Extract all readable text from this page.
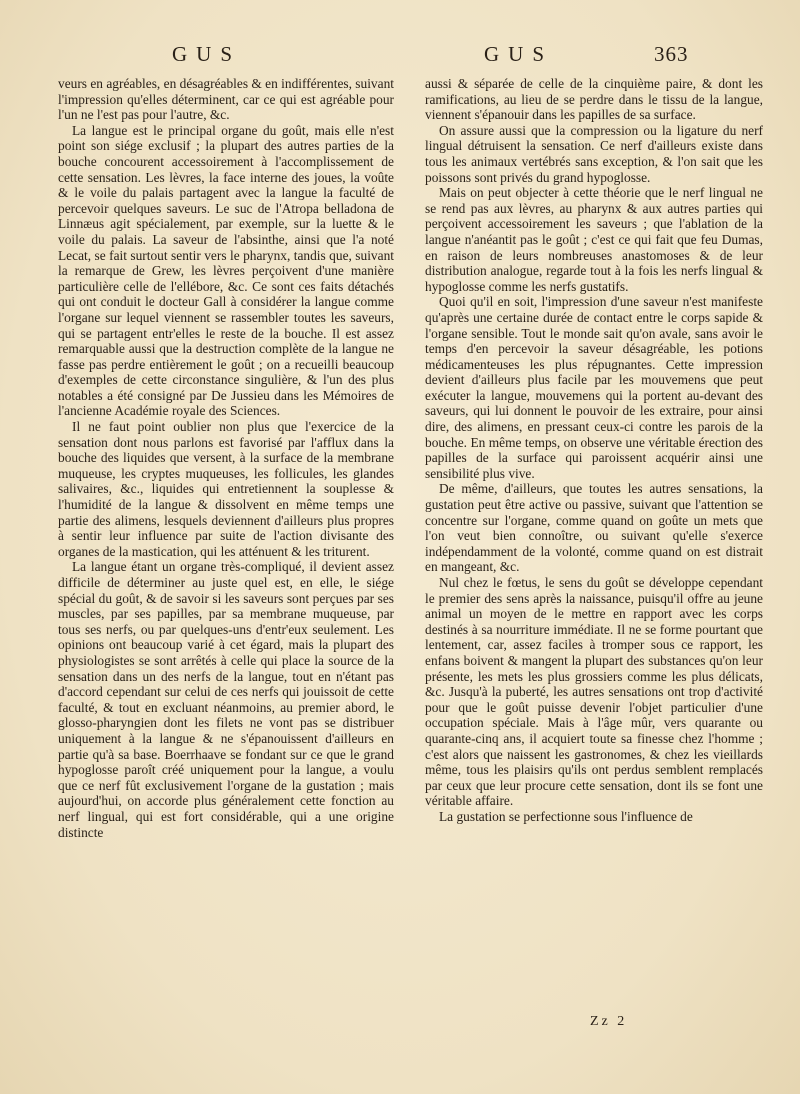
GUS	GUS	363

veurs en agréables, en désagréables & en indifférentes, suivant l'impression qu'elles déterminent, car ce qui est agréable pour l'un ne l'est pas pour l'autre, &c.

La langue est le principal organe du goût, mais elle n'est point son siége exclusif ; la plupart des autres parties de la bouche concourent accessoirement à l'accomplissement de cette sensation. Les lèvres, la face interne des joues, la voûte & le voile du palais partagent avec la langue la faculté de percevoir quelques saveurs. Le suc de l'Atropa belladona de Linnæus agit spécialement, par exemple, sur la luette & le voile du palais. La saveur de l'absinthe, ainsi que l'a noté Lecat, se fait surtout sentir vers le pharynx, tandis que, suivant la remarque de Grew, les lèvres perçoivent d'une manière particulière celle de l'ellébore, &c. Ce sont ces faits détachés qui ont conduit le docteur Gall à considérer la langue comme l'organe sur lequel viennent se rassembler toutes les saveurs, qui se partagent entr'elles le reste de la bouche. Il est assez remarquable aussi que la destruction complète de la langue ne fasse pas perdre entièrement le goût ; on a recueilli beaucoup d'exemples de cette circonstance singulière, & l'un des plus notables a été consigné par De Jussieu dans les Mémoires de l'ancienne Académie royale des Sciences.

Il ne faut point oublier non plus que l'exercice de la sensation dont nous parlons est favorisé par l'afflux dans la bouche des liquides que versent, à la surface de la membrane muqueuse, les cryptes muqueuses, les follicules, les glandes salivaires, &c., liquides qui entretiennent la souplesse & l'humidité de la langue & dissolvent en même temps une partie des alimens, lesquels deviennent d'ailleurs plus propres à sentir leur influence par suite de l'action divisante des organes de la mastication, qui les atténuent & les triturent.

La langue étant un organe très-compliqué, il devient assez difficile de déterminer au juste quel est, en elle, le siége spécial du goût, & de savoir si les saveurs sont perçues par ses muscles, par ses papilles, par sa membrane muqueuse, par tous ses nerfs, ou par quelques-uns d'entr'eux seulement. Les opinions ont beaucoup varié à cet égard, mais la plupart des physiologistes se sont arrêtés à celle qui place la source de la sensation dans un des nerfs de la langue, tout en n'étant pas d'accord cependant sur celui de ces nerfs qui jouissoit de cette faculté, & tout en excluant néanmoins, au premier abord, le glosso-pharyngien dont les filets ne vont pas se distribuer uniquement à la langue & ne s'épanouissent d'ailleurs en partie qu'à sa base. Boerrhaave se fondant sur ce que le grand hypoglosse paroît créé uniquement pour la langue, a voulu que ce nerf fût exclusivement l'organe de la gustation ; mais aujourd'hui, on accorde plus généralement cette fonction au nerf lingual, qui est fort considérable, qui a une origine distincte

aussi & séparée de celle de la cinquième paire, & dont les ramifications, au lieu de se perdre dans le tissu de la langue, viennent s'épanouir dans les papilles de sa surface.

On assure aussi que la compression ou la ligature du nerf lingual détruisent la sensation. Ce nerf d'ailleurs existe dans tous les animaux vertébrés sans exception, & l'on sait que les poissons sont privés du grand hypoglosse.

Mais on peut objecter à cette théorie que le nerf lingual ne se rend pas aux lèvres, au pharynx & aux autres parties qui perçoivent accessoirement les saveurs ; que l'ablation de la langue n'anéantit pas le goût ; c'est ce qui fait que feu Dumas, en raison de leurs nombreuses anastomoses & de leur distribution analogue, regarde tout à la fois les nerfs lingual & hypoglosse comme les nerfs gustatifs.

Quoi qu'il en soit, l'impression d'une saveur n'est manifeste qu'après une certaine durée de contact entre le corps sapide & l'organe sensible. Tout le monde sait qu'on avale, sans avoir le temps d'en percevoir la saveur désagréable, les potions médicamenteuses les plus répugnantes. Cette impression devient d'ailleurs plus facile par les mouvemens que peut exécuter la langue, mouvemens qui la portent au-devant des saveurs, qui lui donnent le pouvoir de les extraire, pour ainsi dire, des alimens, en pressant ceux-ci contre les parois de la bouche. En même temps, on observe une véritable érection des papilles de la surface qui paroissent acquérir ainsi une sensibilité plus vive.

De même, d'ailleurs, que toutes les autres sensations, la gustation peut être active ou passive, suivant que l'attention se concentre sur l'organe, comme quand on goûte un mets que l'on veut bien connoître, ou suivant qu'elle s'exerce indépendamment de la volonté, comme quand on est distrait en mangeant, &c.

Nul chez le fœtus, le sens du goût se développe cependant le premier des sens après la naissance, puisqu'il offre au jeune animal un moyen de le mettre en rapport avec les corps destinés à sa nourriture immédiate. Il ne se forme pourtant que lentement, car, assez faciles à tromper sous ce rapport, les enfans boivent & mangent la plupart des substances qu'on leur présente, les mets les plus grossiers comme les plus délicats, &c. Jusqu'à la puberté, les autres sensations ont trop d'activité pour que le goût puisse devenir l'objet particulier d'une occupation spéciale. Mais à l'âge mûr, vers quarante ou quarante-cinq ans, il acquiert toute sa finesse chez l'homme ; c'est alors que naissent les gastronomes, & chez les vieillards même, tous les plaisirs qu'ils ont perdus semblent remplacés par ceux que leur procure cette sensation, dont ils se font une véritable affaire.

La gustation se perfectionne sous l'influence de

Zz 2
